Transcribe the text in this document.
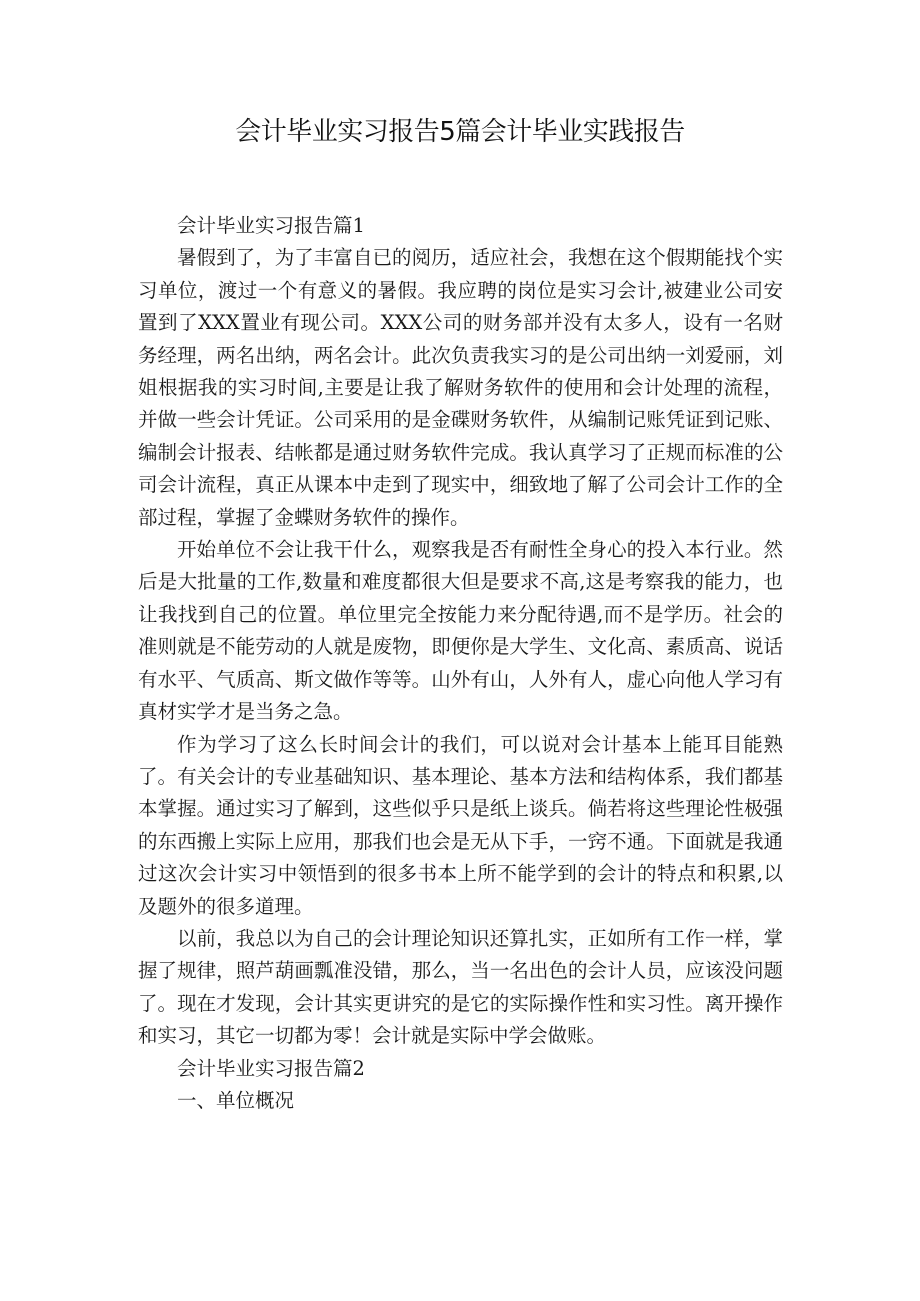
会计毕业实习报告5篇会计毕业实践报告

会计毕业实习报告篇1

暑假到了，为了丰富自已的阅历，适应社会，我想在这个假期能找个实习单位，渡过一个有意义的暑假。我应聘的岗位是实习会计,被建业公司安置到了XXX置业有现公司。XXX公司的财务部并没有太多人，设有一名财务经理，两名出纳，两名会计。此次负责我实习的是公司出纳一刘爱丽，刘姐根据我的实习时间,主要是让我了解财务软件的使用和会计处理的流程，并做一些会计凭证。公司采用的是金碟财务软件，从编制记账凭证到记账、编制会计报表、结帐都是通过财务软件完成。我认真学习了正规而标准的公司会计流程，真正从课本中走到了现实中，细致地了解了公司会计工作的全部过程，掌握了金蝶财务软件的操作。

开始单位不会让我干什么，观察我是否有耐性全身心的投入本行业。然后是大批量的工作,数量和难度都很大但是要求不高,这是考察我的能力，也让我找到自己的位置。单位里完全按能力来分配待遇,而不是学历。社会的准则就是不能劳动的人就是废物，即便你是大学生、文化高、素质高、说话有水平、气质高、斯文做作等等。山外有山，人外有人，虚心向他人学习有真材实学才是当务之急。

作为学习了这么长时间会计的我们，可以说对会计基本上能耳目能熟了。有关会计的专业基础知识、基本理论、基本方法和结构体系，我们都基本掌握。通过实习了解到，这些似乎只是纸上谈兵。倘若将这些理论性极强的东西搬上实际上应用，那我们也会是无从下手，一窍不通。下面就是我通过这次会计实习中领悟到的很多书本上所不能学到的会计的特点和积累,以及题外的很多道理。

以前，我总以为自己的会计理论知识还算扎实，正如所有工作一样，掌握了规律，照芦葫画瓢准没错，那么，当一名出色的会计人员，应该没问题了。现在才发现，会计其实更讲究的是它的实际操作性和实习性。离开操作和实习，其它一切都为零！会计就是实际中学会做账。

会计毕业实习报告篇2

一、单位概况
